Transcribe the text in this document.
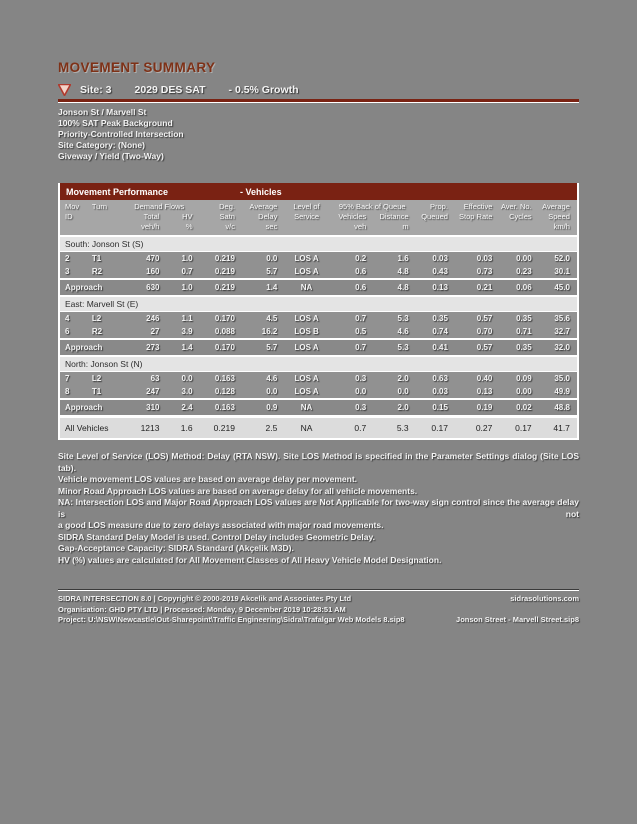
MOVEMENT SUMMARY
Site: 3 2029 DES SAT - 0.5% Growth
Jonson St / Marvell St
100% SAT Peak Background
Priority-Controlled Intersection
Site Category: (None)
Giveway / Yield (Two-Way)
Movement Performance	- Vehicles
Mov	Turn	Demand Flows	Deg.	Average	Level of	95% Back of Queue	Prop.	Effective	Aver. No.	Average
ID	Total	HV	Satn	Delay	Service	Vehicles	Distance	Queued	Stop Rate	Cycles	Speed
veh/h	%	v/c	sec	veh	m	km/h
South: Jonson St (S)
2	T1	470	1.0	0.219	0.0	LOS A	0.2	1.6	0.03	0.03	0.00	52.0
3	R2	160	0.7	0.219	5.7	LOS A	0.6	4.8	0.43	0.73	0.23	30.1
Approach	630	1.0	0.219	1.4	NA	0.6	4.8	0.13	0.21	0.06	45.0
East: Marvell St (E)
4	L2	246	1.1	0.170	4.5	LOS A	0.7	5.3	0.35	0.57	0.35	35.6
6	R2	27	3.9	0.088	16.2	LOS B	0.5	4.6	0.74	0.70	0.71	32.7
Approach	273	1.4	0.170	5.7	LOS A	0.7	5.3	0.41	0.57	0.35	32.0
North: Jonson St (N)
7	L2	63	0.0	0.163	4.6	LOS A	0.3	2.0	0.63	0.40	0.09	35.0
8	T1	247	3.0	0.128	0.0	LOS A	0.0	0.0	0.03	0.13	0.00	49.9
Approach	310	2.4	0.163	0.9	NA	0.3	2.0	0.15	0.19	0.02	48.8
All Vehicles	1213	1.6	0.219	2.5	NA	0.7	5.3	0.17	0.27	0.17	41.7
Site Level of Service (LOS) Method: Delay (RTA NSW). Site LOS Method is specified in the Parameter Settings dialog (Site LOS tab).
Vehicle movement LOS values are based on average delay per movement.
Minor Road Approach LOS values are based on average delay for all vehicle movements.
NA: Intersection LOS and Major Road Approach LOS values are Not Applicable for two-way sign control since the average delay is not
a good LOS measure due to zero delays associated with major road movements.
SIDRA Standard Delay Model is used. Control Delay includes Geometric Delay.
Gap-Acceptance Capacity: SIDRA Standard (Akçelik M3D).
HV (%) values are calculated for All Movement Classes of All Heavy Vehicle Model Designation.
SIDRA INTERSECTION 8.0 | Copyright © 2000-2019 Akcelik and Associates Pty Ltd	sidrasolutions.com
Organisation: GHD PTY LTD | Processed: Monday, 9 December 2019 10:28:51 AM
Project: U:\NSW\Newcastle\Out-Sharepoint\Traffic Engineering\Sidra\Trafalgar Web Models 8.sip8	Jonson Street - Marvell Street.sip8
